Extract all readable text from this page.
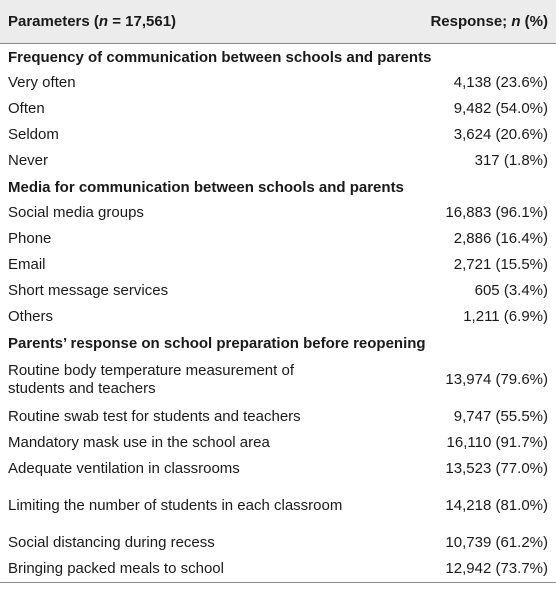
Parameters (n = 17,561)	Response; n (%)
Frequency of communication between schools and parents	
Very often	4,138 (23.6%)
Often	9,482 (54.0%)
Seldom	3,624 (20.6%)
Never	317 (1.8%)
Media for communication between schools and parents	
Social media groups	16,883 (96.1%)
Phone	2,886 (16.4%)
Email	2,721 (15.5%)
Short message services	605 (3.4%)
Others	1,211 (6.9%)
Parents’ response on school preparation before reopening	
Routine body temperature measurement of students and teachers	13,974 (79.6%)
Routine swab test for students and teachers	9,747 (55.5%)
Mandatory mask use in the school area	16,110 (91.7%)
Adequate ventilation in classrooms	13,523 (77.0%)
Limiting the number of students in each classroom	14,218 (81.0%)
Social distancing during recess	10,739 (61.2%)
Bringing packed meals to school	12,942 (73.7%)
